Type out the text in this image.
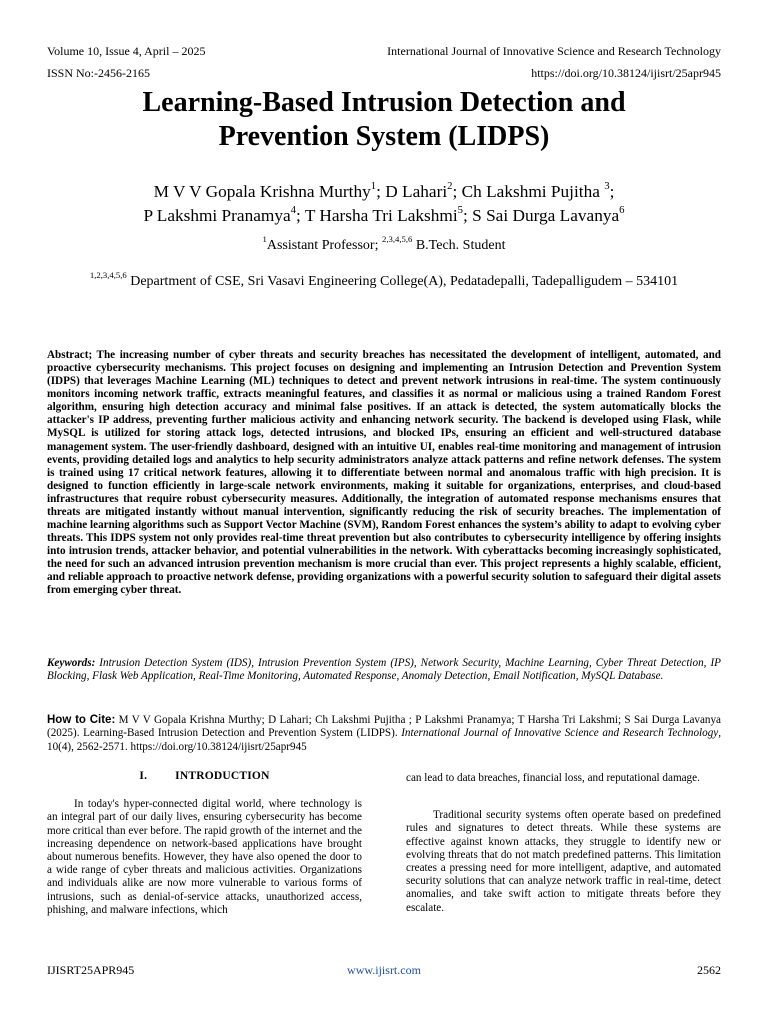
Volume 10, Issue 4, April – 2025	International Journal of Innovative Science and Research Technology
ISSN No:-2456-2165	https://doi.org/10.38124/ijisrt/25apr945
Learning-Based Intrusion Detection and
Prevention System (LIDPS)
M V V Gopala Krishna Murthy$^1$; D Lahari$^2$; Ch Lakshmi Pujitha $^3$;
P Lakshmi Pranamya$^4$; T Harsha Tri Lakshmi$^5$; S Sai Durga Lavanya$^6$
$^1$Assistant Professor; $^{2,3,4,5,6}$ B.Tech. Student
$^{1,2,3,4,5,6}$ Department of CSE, Sri Vasavi Engineering College(A), Pedatadepalli, Tadepalligudem – 534101
Abstract; The increasing number of cyber threats and security breaches has necessitated the development of intelligent, automated, and proactive cybersecurity mechanisms. This project focuses on designing and implementing an Intrusion Detection and Prevention System (IDPS) that leverages Machine Learning (ML) techniques to detect and prevent network intrusions in real-time. The system continuously monitors incoming network traffic, extracts meaningful features, and classifies it as normal or malicious using a trained Random Forest algorithm, ensuring high detection accuracy and minimal false positives. If an attack is detected, the system automatically blocks the attacker's IP address, preventing further malicious activity and enhancing network security. The backend is developed using Flask, while MySQL is utilized for storing attack logs, detected intrusions, and blocked IPs, ensuring an efficient and well-structured database management system. The user-friendly dashboard, designed with an intuitive UI, enables real-time monitoring and management of intrusion events, providing detailed logs and analytics to help security administrators analyze attack patterns and refine network defenses. The system is trained using 17 critical network features, allowing it to differentiate between normal and anomalous traffic with high precision. It is designed to function efficiently in large-scale network environments, making it suitable for organizations, enterprises, and cloud-based infrastructures that require robust cybersecurity measures. Additionally, the integration of automated response mechanisms ensures that threats are mitigated instantly without manual intervention, significantly reducing the risk of security breaches. The implementation of machine learning algorithms such as Support Vector Machine (SVM), Random Forest enhances the system’s ability to adapt to evolving cyber threats. This IDPS system not only provides real-time threat prevention but also contributes to cybersecurity intelligence by offering insights into intrusion trends, attacker behavior, and potential vulnerabilities in the network. With cyberattacks becoming increasingly sophisticated, the need for such an advanced intrusion prevention mechanism is more crucial than ever. This project represents a highly scalable, efficient, and reliable approach to proactive network defense, providing organizations with a powerful security solution to safeguard their digital assets from emerging cyber threat.
Keywords: Intrusion Detection System (IDS), Intrusion Prevention System (IPS), Network Security, Machine Learning, Cyber Threat Detection, IP Blocking, Flask Web Application, Real-Time Monitoring, Automated Response, Anomaly Detection, Email Notification, MySQL Database.
How to Cite: M V V Gopala Krishna Murthy; D Lahari; Ch Lakshmi Pujitha ; P Lakshmi Pranamya; T Harsha Tri Lakshmi; S Sai Durga Lavanya (2025). Learning-Based Intrusion Detection and Prevention System (LIDPS). International Journal of Innovative Science and Research Technology, 10(4), 2562-2571. https://doi.org/10.38124/ijisrt/25apr945
I. INTRODUCTION

In today's hyper-connected digital world, where technology is an integral part of our daily lives, ensuring cybersecurity has become more critical than ever before. The rapid growth of the internet and the increasing dependence on network-based applications have brought about numerous benefits. However, they have also opened the door to a wide range of cyber threats and malicious activities. Organizations and individuals alike are now more vulnerable to various forms of intrusions, such as denial-of-service attacks, unauthorized access, phishing, and malware infections, which

can lead to data breaches, financial loss, and reputational damage.

Traditional security systems often operate based on predefined rules and signatures to detect threats. While these systems are effective against known attacks, they struggle to identify new or evolving threats that do not match predefined patterns. This limitation creates a pressing need for more intelligent, adaptive, and automated security solutions that can analyze network traffic in real-time, detect anomalies, and take swift action to mitigate threats before they escalate.

IJISRT25APR945	www.ijisrt.com	2562
